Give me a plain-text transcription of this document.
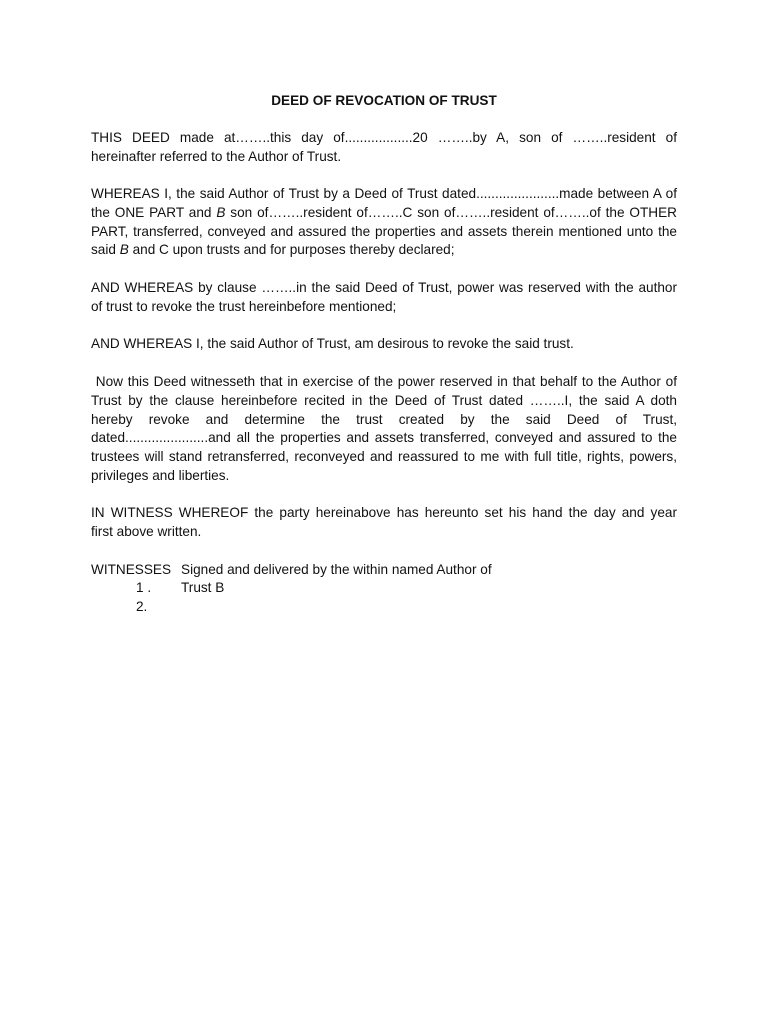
DEED OF REVOCATION OF TRUST
THIS DEED made at……..this day of..................20 ……..by A, son of ……..resident of
hereinafter referred to the Author of Trust.
WHEREAS I, the said Author of Trust by a Deed of Trust dated......................made between A of
the ONE PART and B son of……..resident of……..C son of……..resident of……..of the OTHER
PART, transferred, conveyed and assured the properties and assets therein mentioned unto the
said B and C upon trusts and for purposes thereby declared;
AND WHEREAS by clause ……..in the said Deed of Trust, power was reserved with the author
of trust to revoke the trust hereinbefore mentioned;
AND WHEREAS I, the said Author of Trust, am desirous to revoke the said trust.
Now this Deed witnesseth that in exercise of the power reserved in that behalf to the Author of
Trust by the clause hereinbefore recited in the Deed of Trust dated ……..I, the said A doth
hereby revoke and determine the trust created by the said Deed of Trust,
dated......................and all the properties and assets transferred, conveyed and assured to the
trustees will stand retransferred, reconveyed and reassured to me with full title, rights, powers,
privileges and liberties.
IN WITNESS WHEREOF the party hereinabove has hereunto set his hand the day and year
first above written.
WITNESSES Signed and delivered by the within named Author of
1 . Trust B
2.
